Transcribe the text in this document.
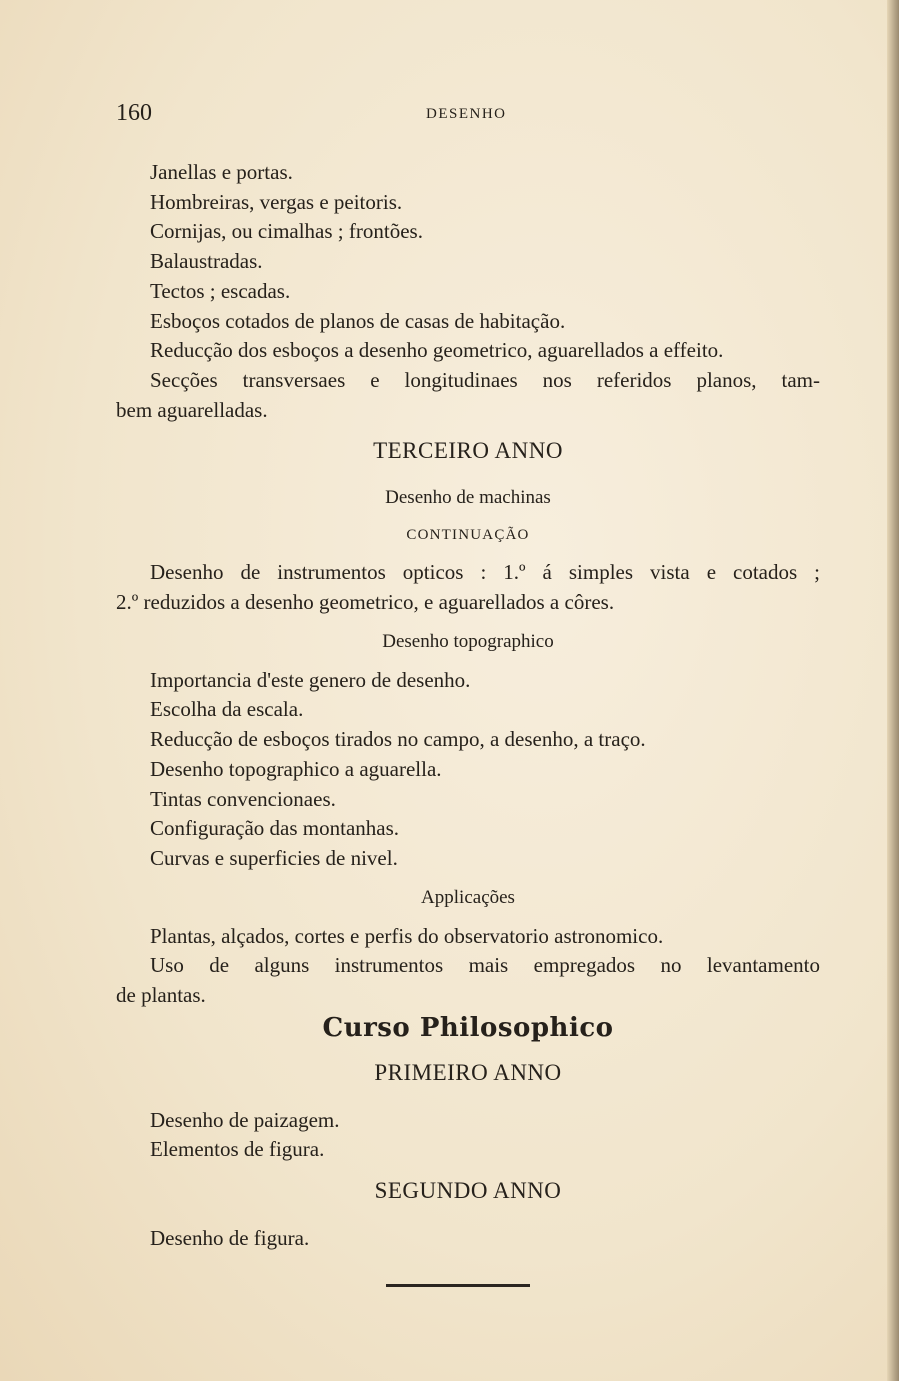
160	DESENHO
Janellas e portas.
Hombreiras, vergas e peitoris.
Cornijas, ou cimalhas ; frontões.
Balaustradas.
Tectos ; escadas.
Esboços cotados de planos de casas de habitação.
Reducção dos esboços a desenho geometrico, aguarellados a effeito.
Secções transversaes e longitudinaes nos referidos planos, tam-
bem aguarelladas.
TERCEIRO ANNO
Desenho de machinas
CONTINUAÇÃO
Desenho de instrumentos opticos : 1.º á simples vista e cotados ;
2.º reduzidos a desenho geometrico, e aguarellados a côres.
Desenho topographico
Importancia d'este genero de desenho.
Escolha da escala.
Reducção de esboços tirados no campo, a desenho, a traço.
Desenho topographico a aguarella.
Tintas convencionaes.
Configuração das montanhas.
Curvas e superficies de nivel.
Applicações
Plantas, alçados, cortes e perfis do observatorio astronomico.
Uso de alguns instrumentos mais empregados no levantamento
de plantas.
Curso Philosophico
PRIMEIRO ANNO
Desenho de paizagem.
Elementos de figura.
SEGUNDO ANNO
Desenho de figura.
